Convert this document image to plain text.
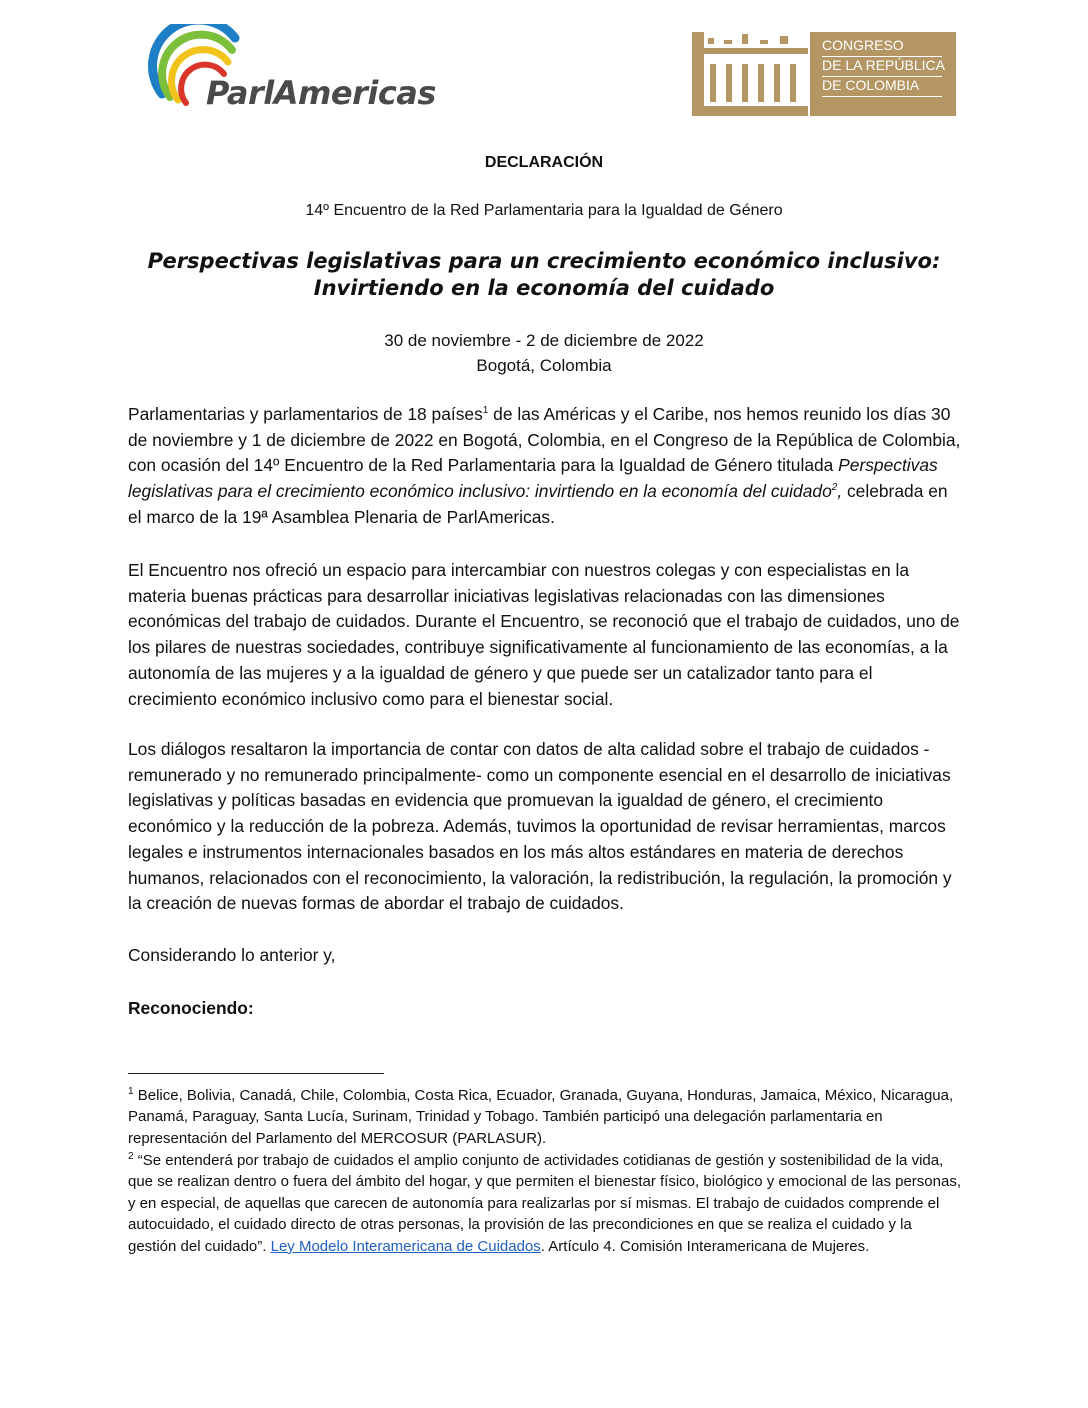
ParlAmericas
CONGRESO
DE LA REPÚBLICA
DE COLOMBIA
DECLARACIÓN
14º Encuentro de la Red Parlamentaria para la Igualdad de Género
Perspectivas legislativas para un crecimiento económico inclusivo:
Invirtiendo en la economía del cuidado
30 de noviembre - 2 de diciembre de 2022
Bogotá, Colombia

Parlamentarias y parlamentarios de 18 países$^1$ de las Américas y el Caribe, nos hemos reunido los días 30 de noviembre y 1 de diciembre de 2022 en Bogotá, Colombia, en el Congreso de la República de Colombia, con ocasión del 14º Encuentro de la Red Parlamentaria para la Igualdad de Género titulada Perspectivas legislativas para el crecimiento económico inclusivo: invirtiendo en la economía del cuidado$^2$, celebrada en el marco de la 19ª Asamblea Plenaria de ParlAmericas.

El Encuentro nos ofreció un espacio para intercambiar con nuestros colegas y con especialistas en la materia buenas prácticas para desarrollar iniciativas legislativas relacionadas con las dimensiones económicas del trabajo de cuidados. Durante el Encuentro, se reconoció que el trabajo de cuidados, uno de los pilares de nuestras sociedades, contribuye significativamente al funcionamiento de las economías, a la autonomía de las mujeres y a la igualdad de género y que puede ser un catalizador tanto para el crecimiento económico inclusivo como para el bienestar social.

Los diálogos resaltaron la importancia de contar con datos de alta calidad sobre el trabajo de cuidados -remunerado y no remunerado principalmente- como un componente esencial en el desarrollo de iniciativas legislativas y políticas basadas en evidencia que promuevan la igualdad de género, el crecimiento económico y la reducción de la pobreza. Además, tuvimos la oportunidad de revisar herramientas, marcos legales e instrumentos internacionales basados en los más altos estándares en materia de derechos humanos, relacionados con el reconocimiento, la valoración, la redistribución, la regulación, la promoción y la creación de nuevas formas de abordar el trabajo de cuidados.

Considerando lo anterior y,

Reconociendo:

$^1$ Belice, Bolivia, Canadá, Chile, Colombia, Costa Rica, Ecuador, Granada, Guyana, Honduras, Jamaica, México, Nicaragua, Panamá, Paraguay, Santa Lucía, Surinam, Trinidad y Tobago. También participó una delegación parlamentaria en representación del Parlamento del MERCOSUR (PARLASUR).

$^2$ “Se entenderá por trabajo de cuidados el amplio conjunto de actividades cotidianas de gestión y sostenibilidad de la vida, que se realizan dentro o fuera del ámbito del hogar, y que permiten el bienestar físico, biológico y emocional de las personas, y en especial, de aquellas que carecen de autonomía para realizarlas por sí mismas. El trabajo de cuidados comprende el autocuidado, el cuidado directo de otras personas, la provisión de las precondiciones en que se realiza el cuidado y la gestión del cuidado”. Ley Modelo Interamericana de Cuidados. Artículo 4. Comisión Interamericana de Mujeres.
